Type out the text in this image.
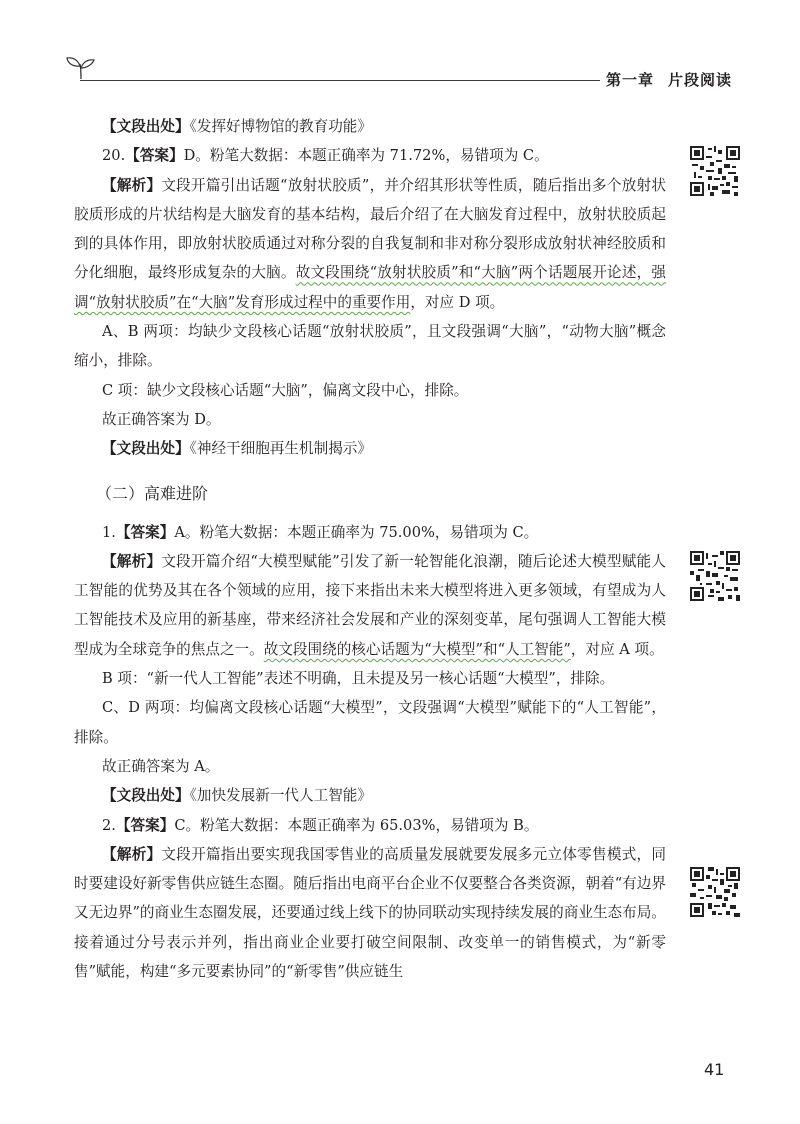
第一章 片段阅读

【文段出处】《发挥好博物馆的教育功能》

20.【答案】D。粉笔大数据：本题正确率为 71.72%，易错项为 C。

【解析】文段开篇引出话题“放射状胶质”，并介绍其形状等性质，随后指出多个放射状胶质形成的片状结构是大脑发育的基本结构，最后介绍了在大脑发育过程中，放射状胶质起到的具体作用，即放射状胶质通过对称分裂的自我复制和非对称分裂形成放射状神经胶质和分化细胞，最终形成复杂的大脑。故文段围绕“放射状胶质”和“大脑”两个话题展开论述，强调“放射状胶质”在“大脑”发育形成过程中的重要作用，对应 D 项。

A、B 两项：均缺少文段核心话题“放射状胶质”，且文段强调“大脑”，“动物大脑”概念缩小，排除。

C 项：缺少文段核心话题“大脑”，偏离文段中心，排除。

故正确答案为 D。

【文段出处】《神经干细胞再生机制揭示》

（二）高难进阶

1.【答案】A。粉笔大数据：本题正确率为 75.00%，易错项为 C。

【解析】文段开篇介绍“大模型赋能”引发了新一轮智能化浪潮，随后论述大模型赋能人工智能的优势及其在各个领域的应用，接下来指出未来大模型将进入更多领域，有望成为人工智能技术及应用的新基座，带来经济社会发展和产业的深刻变革，尾句强调人工智能大模型成为全球竞争的焦点之一。故文段围绕的核心话题为“大模型”和“人工智能”，对应 A 项。

B 项：“新一代人工智能”表述不明确，且未提及另一核心话题“大模型”，排除。

C、D 两项：均偏离文段核心话题“大模型”，文段强调“大模型”赋能下的“人工智能”，排除。

故正确答案为 A。

【文段出处】《加快发展新一代人工智能》

2.【答案】C。粉笔大数据：本题正确率为 65.03%，易错项为 B。

【解析】文段开篇指出要实现我国零售业的高质量发展就要发展多元立体零售模式，同时要建设好新零售供应链生态圈。随后指出电商平台企业不仅要整合各类资源，朝着“有边界又无边界”的商业生态圈发展，还要通过线上线下的协同联动实现持续发展的商业生态布局。接着通过分号表示并列，指出商业企业要打破空间限制、改变单一的销售模式，为“新零售”赋能，构建“多元要素协同”的“新零售”供应链生

41
